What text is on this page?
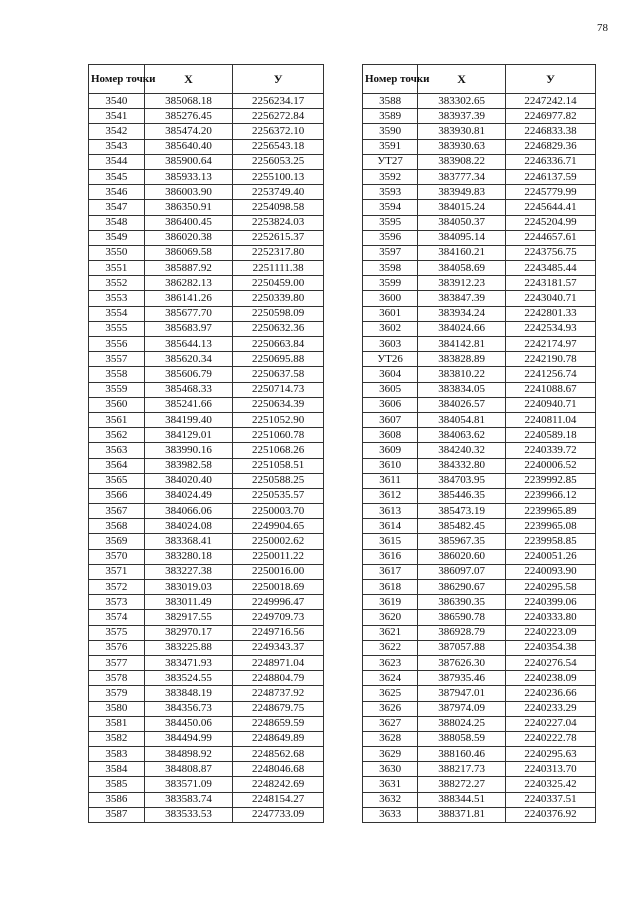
78
Номер точки	Х	У
3540	385068.18	2256234.17
3541	385276.45	2256272.84
3542	385474.20	2256372.10
3543	385640.40	2256543.18
3544	385900.64	2256053.25
3545	385933.13	2255100.13
3546	386003.90	2253749.40
3547	386350.91	2254098.58
3548	386400.45	2253824.03
3549	386020.38	2252615.37
3550	386069.58	2252317.80
3551	385887.92	2251111.38
3552	386282.13	2250459.00
3553	386141.26	2250339.80
3554	385677.70	2250598.09
3555	385683.97	2250632.36
3556	385644.13	2250663.84
3557	385620.34	2250695.88
3558	385606.79	2250637.58
3559	385468.33	2250714.73
3560	385241.66	2250634.39
3561	384199.40	2251052.90
3562	384129.01	2251060.78
3563	383990.16	2251068.26
3564	383982.58	2251058.51
3565	384020.40	2250588.25
3566	384024.49	2250535.57
3567	384066.06	2250003.70
3568	384024.08	2249904.65
3569	383368.41	2250002.62
3570	383280.18	2250011.22
3571	383227.38	2250016.00
3572	383019.03	2250018.69
3573	383011.49	2249996.47
3574	382917.55	2249709.73
3575	382970.17	2249716.56
3576	383225.88	2249343.37
3577	383471.93	2248971.04
3578	383524.55	2248804.79
3579	383848.19	2248737.92
3580	384356.73	2248679.75
3581	384450.06	2248659.59
3582	384494.99	2248649.89
3583	384898.92	2248562.68
3584	384808.87	2248046.68
3585	383571.09	2248242.69
3586	383583.74	2248154.27
3587	383533.53	2247733.09
Номер точки	Х	У
3588	383302.65	2247242.14
3589	383937.39	2246977.82
3590	383930.81	2246833.38
3591	383930.63	2246829.36
УТ27	383908.22	2246336.71
3592	383777.34	2246137.59
3593	383949.83	2245779.99
3594	384015.24	2245644.41
3595	384050.37	2245204.99
3596	384095.14	2244657.61
3597	384160.21	2243756.75
3598	384058.69	2243485.44
3599	383912.23	2243181.57
3600	383847.39	2243040.71
3601	383934.24	2242801.33
3602	384024.66	2242534.93
3603	384142.81	2242174.97
УТ26	383828.89	2242190.78
3604	383810.22	2241256.74
3605	383834.05	2241088.67
3606	384026.57	2240940.71
3607	384054.81	2240811.04
3608	384063.62	2240589.18
3609	384240.32	2240339.72
3610	384332.80	2240006.52
3611	384703.95	2239992.85
3612	385446.35	2239966.12
3613	385473.19	2239965.89
3614	385482.45	2239965.08
3615	385967.35	2239958.85
3616	386020.60	2240051.26
3617	386097.07	2240093.90
3618	386290.67	2240295.58
3619	386390.35	2240399.06
3620	386590.78	2240333.80
3621	386928.79	2240223.09
3622	387057.88	2240354.38
3623	387626.30	2240276.54
3624	387935.46	2240238.09
3625	387947.01	2240236.66
3626	387974.09	2240233.29
3627	388024.25	2240227.04
3628	388058.59	2240222.78
3629	388160.46	2240295.63
3630	388217.73	2240313.70
3631	388272.27	2240325.42
3632	388344.51	2240337.51
3633	388371.81	2240376.92
